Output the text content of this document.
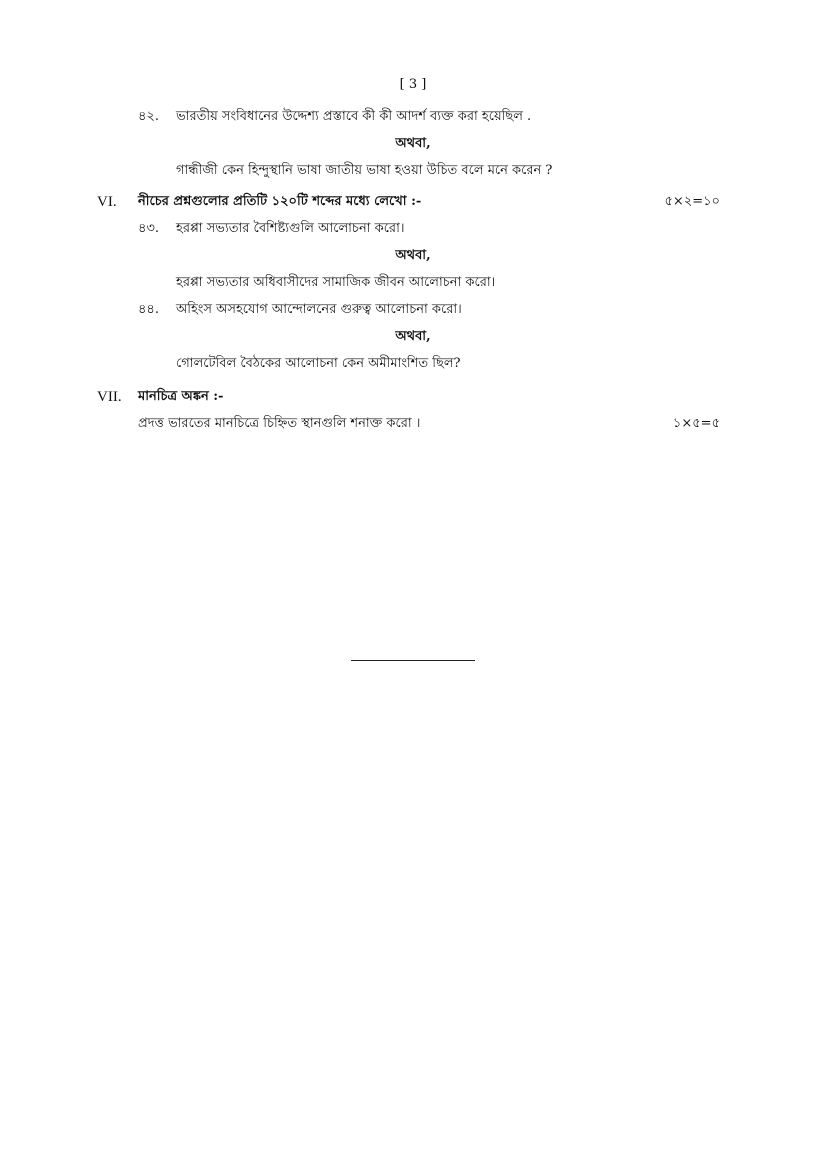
[ 3 ]
৪২. ভারতীয় সংবিধানের উদ্দেশ্য প্রস্তাবে কী কী আদর্শ ব্যক্ত করা হয়েছিল .
অথবা,
গান্ধীজী কেন হিন্দুস্থানি ভাষা জাতীয় ভাষা হওয়া উচিত বলে মনে করেন ?
VI. নীচের প্রশ্নগুলোর প্রতিটি ১২০টি শব্দের মধ্যে লেখো :-	৫×২=১০
৪৩. হরপ্পা সভ্যতার বৈশিষ্ট্যগুলি আলোচনা করো।
অথবা,
হরপ্পা সভ্যতার অধিবাসীদের সামাজিক জীবন আলোচনা করো।
৪৪. অহিংস অসহযোগ আন্দোলনের গুরুত্ব আলোচনা করো।
অথবা,
গোলটেবিল বৈঠকের আলোচনা কেন অমীমাংশিত ছিল?
VII. মানচিত্র অঙ্কন :-
প্রদত্ত ভারতের মানচিত্রে চিহ্নিত স্থানগুলি শনাক্ত করো ।	১×৫=৫
